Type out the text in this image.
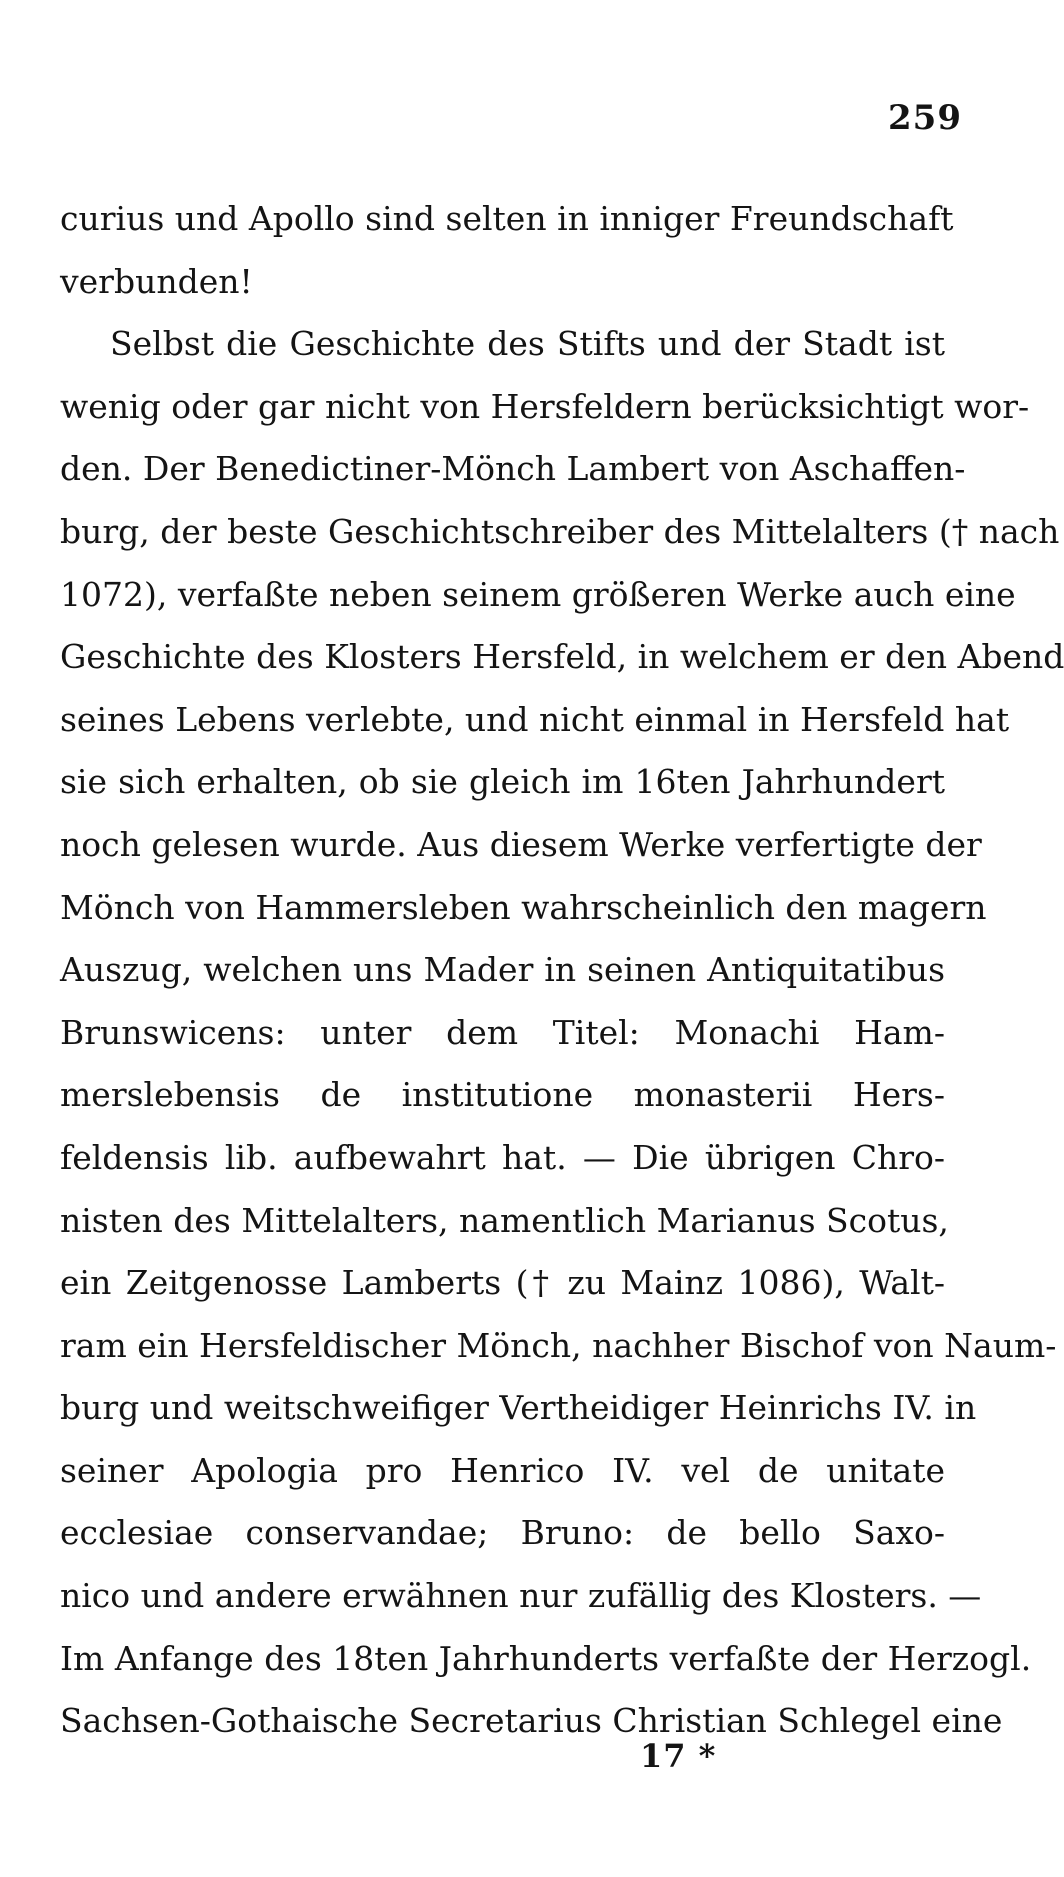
259
curius und Apollo sind selten in inniger Freundschaft
verbunden!
Selbst die Geschichte des Stifts und der Stadt ist
wenig oder gar nicht von Hersfeldern berücksichtigt wor-
den. Der Benedictiner-Mönch Lambert von Aschaffen-
burg, der beste Geschichtschreiber des Mittelalters († nach
1072), verfaßte neben seinem größeren Werke auch eine
Geschichte des Klosters Hersfeld, in welchem er den Abend
seines Lebens verlebte, und nicht einmal in Hersfeld hat
sie sich erhalten, ob sie gleich im 16ten Jahrhundert
noch gelesen wurde. Aus diesem Werke verfertigte der
Mönch von Hammersleben wahrscheinlich den magern
Auszug, welchen uns Mader in seinen Antiquitatibus
Brunswicens: unter dem Titel: Monachi Ham-
merslebensis de institutione monasterii Hers-
feldensis lib. aufbewahrt hat. — Die übrigen Chro-
nisten des Mittelalters, namentlich Marianus Scotus,
ein Zeitgenosse Lamberts († zu Mainz 1086), Walt-
ram ein Hersfeldischer Mönch, nachher Bischof von Naum-
burg und weitschweifiger Vertheidiger Heinrichs IV. in
seiner Apologia pro Henrico IV. vel de unitate
ecclesiae conservandae; Bruno: de bello Saxo-
nico und andere erwähnen nur zufällig des Klosters. —
Im Anfange des 18ten Jahrhunderts verfaßte der Herzogl.
Sachsen-Gothaische Secretarius Christian Schlegel eine
17 *
